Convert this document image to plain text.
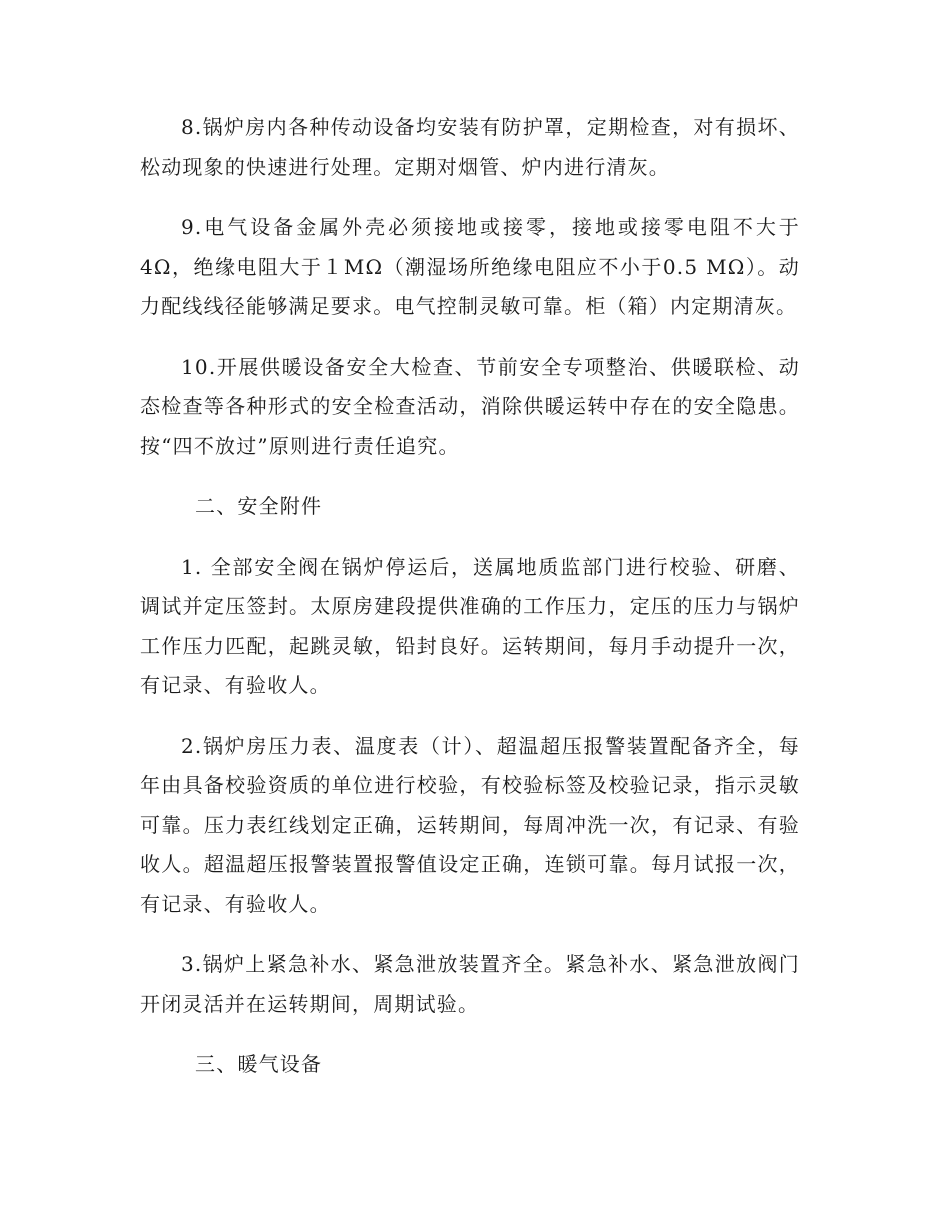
8.锅炉房内各种传动设备均安装有防护罩，定期检查，对有损坏、松动现象的快速进行处理。定期对烟管、炉内进行清灰。

9.电气设备金属外壳必须接地或接零，接地或接零电阻不大于4Ω，绝缘电阻大于１MΩ（潮湿场所绝缘电阻应不小于0.5 MΩ）。动力配线线径能够满足要求。电气控制灵敏可靠。柜（箱）内定期清灰。

10.开展供暖设备安全大检查、节前安全专项整治、供暖联检、动态检查等各种形式的安全检查活动，消除供暖运转中存在的安全隐患。按“四不放过”原则进行责任追究。

二、安全附件

1. 全部安全阀在锅炉停运后，送属地质监部门进行校验、研磨、调试并定压签封。太原房建段提供准确的工作压力，定压的压力与锅炉工作压力匹配，起跳灵敏，铅封良好。运转期间，每月手动提升一次，有记录、有验收人。

2.锅炉房压力表、温度表（计）、超温超压报警装置配备齐全，每年由具备校验资质的单位进行校验，有校验标签及校验记录，指示灵敏可靠。压力表红线划定正确，运转期间，每周冲洗一次，有记录、有验收人。超温超压报警装置报警值设定正确，连锁可靠。每月试报一次，有记录、有验收人。

3.锅炉上紧急补水、紧急泄放装置齐全。紧急补水、紧急泄放阀门开闭灵活并在运转期间，周期试验。

三、暖气设备
